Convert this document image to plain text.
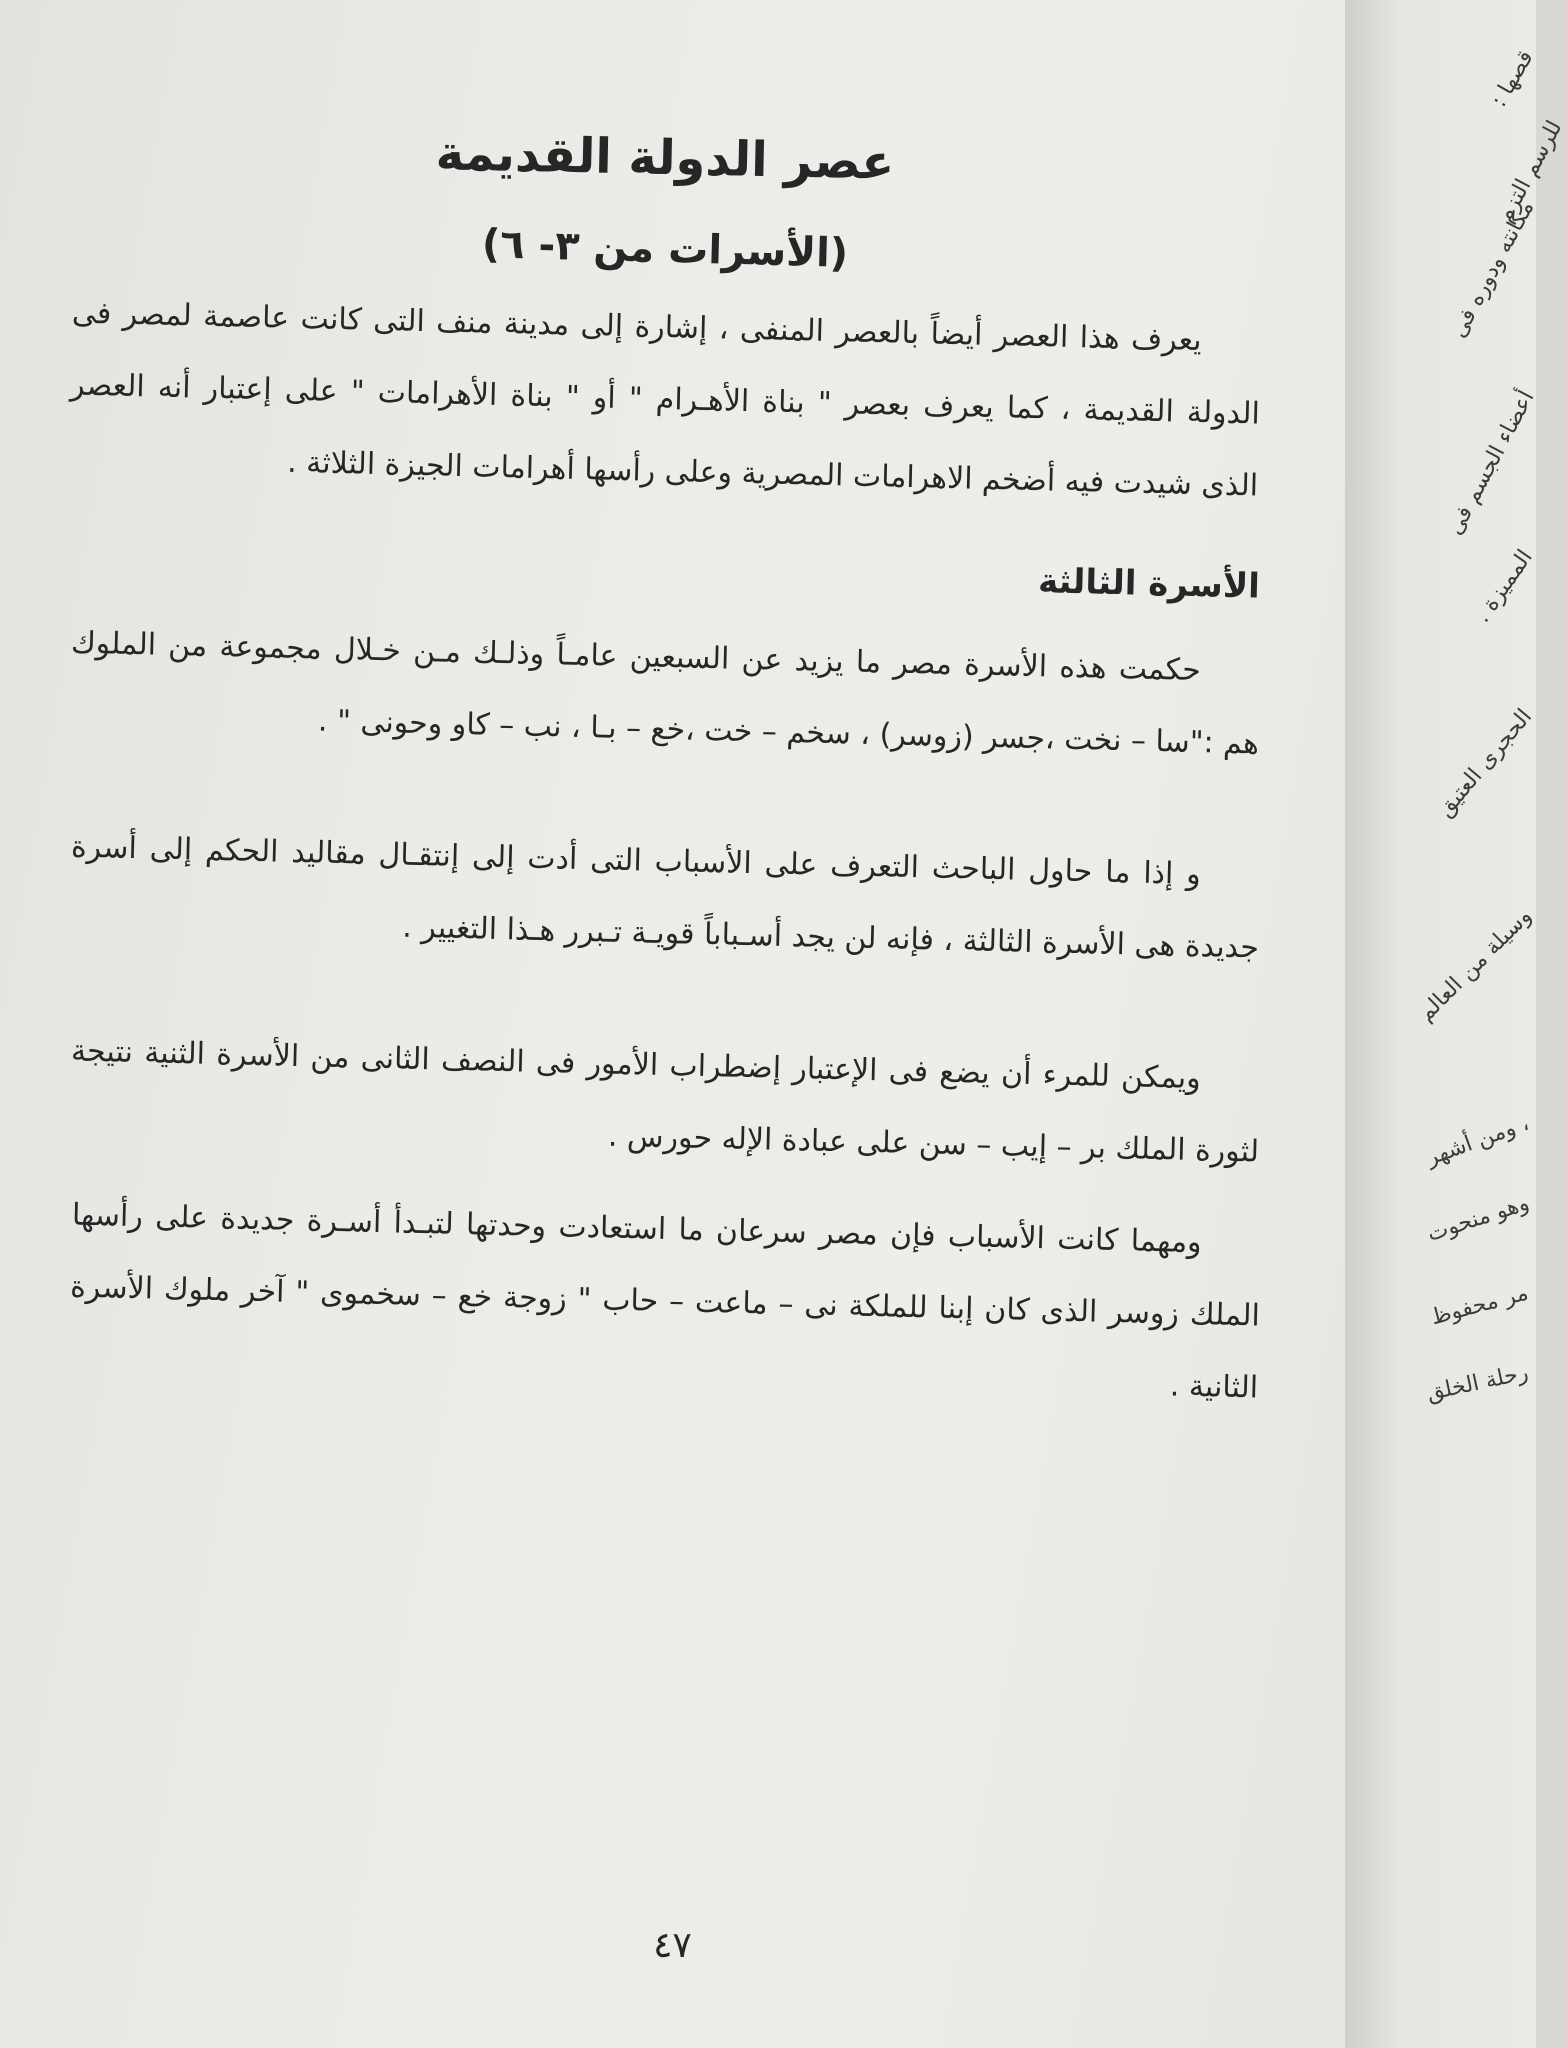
عصر الدولة القديمة
(الأسرات من ٣- ٦)

يعرف هذا العصر أيضاً بالعصر المنفى ، إشارة إلى مدينة منف التى كانت عاصمة لمصر فى الدولة القديمة ، كما يعرف بعصر " بناة الأهـرام " أو " بناة الأهرامات " على إعتبار أنه العصر الذى شيدت فيه أضخم الاهرامات المصرية وعلى رأسها أهرامات الجيزة الثلاثة .

الأسرة الثالثة

حكمت هذه الأسرة مصر ما يزيد عن السبعين عامـاً وذلـك مـن خـلال مجموعة من الملوك هم :"سا – نخت ،جسر (زوسر) ، سخم – خت ،خع – بـا ، نب – كاو وحونى " .

و إذا ما حاول الباحث التعرف على الأسباب التى أدت إلى إنتقـال مقاليد الحكم إلى أسرة جديدة هى الأسرة الثالثة ، فإنه لن يجد أسـباباً قويـة تـبرر هـذا التغيير .

ويمكن للمرء أن يضع فى الإعتبار إضطراب الأمور فى النصف الثانى من الأسرة الثنية نتيجة لثورة الملك بر – إيب – سن على عبادة الإله حورس .

ومهما كانت الأسباب فإن مصر سرعان ما استعادت وحدتها لتبـدأ أسـرة جديدة على رأسها الملك زوسر الذى كان إبنا للملكة نى – ماعت – حاب " زوجة خع – سخموى " آخر ملوك الأسرة الثانية .

٤٧
قصها :
للرسم التزم
مكانته ودوره فى
أعضاء الجسم فى
المميزة .
الحجرى العتيق
وسيلة من العالم
، ومن أشهر
وهو منحوت
مر محفوظ
رحلة الخلق
